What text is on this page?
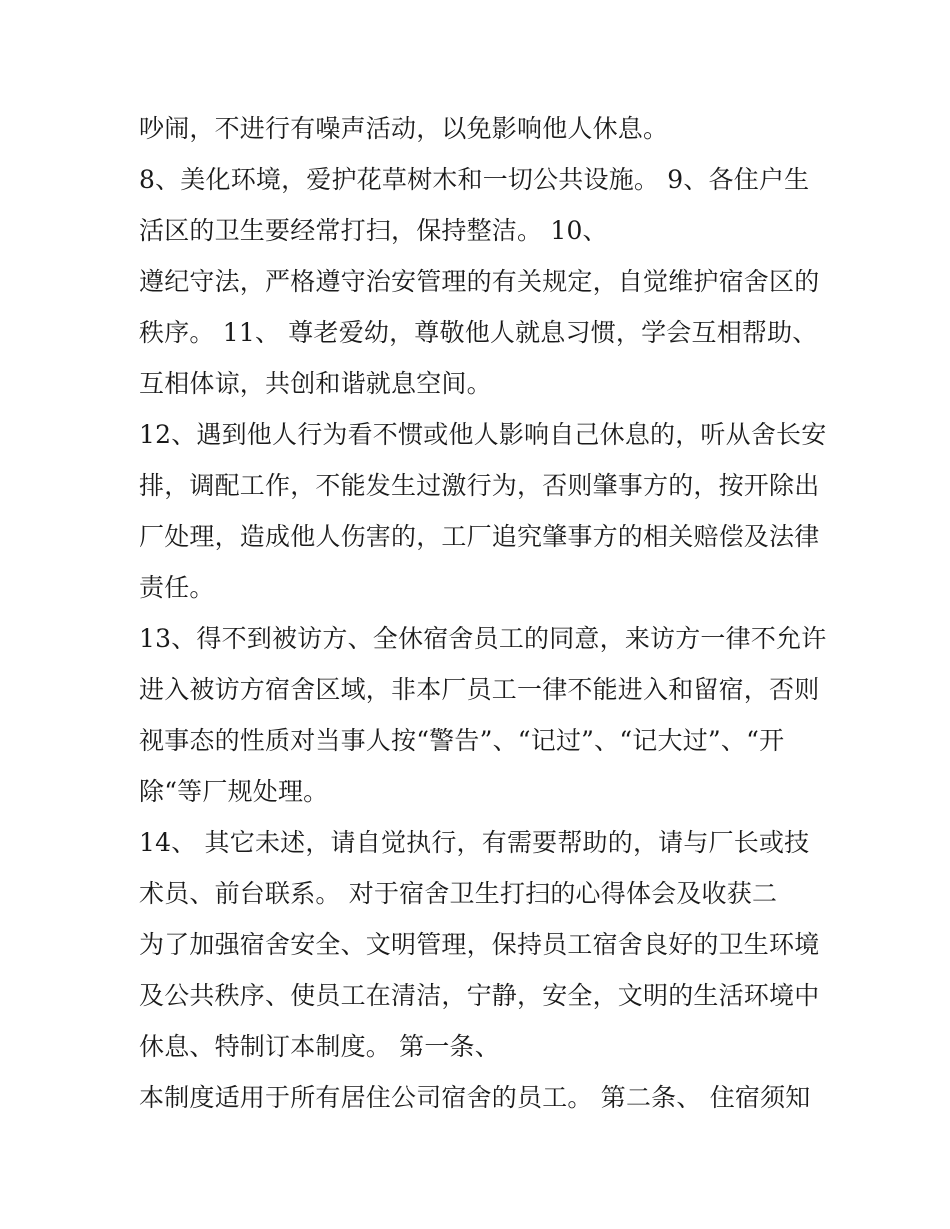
吵闹，不进行有噪声活动，以免影响他人休息。
8、美化环境，爱护花草树木和一切公共设施。 9、各住户生
活区的卫生要经常打扫，保持整洁。 10、
遵纪守法，严格遵守治安管理的有关规定，自觉维护宿舍区的
秩序。 11、 尊老爱幼，尊敬他人就息习惯，学会互相帮助、
互相体谅，共创和谐就息空间。
12、遇到他人行为看不惯或他人影响自己休息的，听从舍长安
排，调配工作，不能发生过激行为，否则肇事方的，按开除出
厂处理，造成他人伤害的，工厂追究肇事方的相关赔偿及法律
责任。
13、得不到被访方、全休宿舍员工的同意，来访方一律不允许
进入被访方宿舍区域，非本厂员工一律不能进入和留宿，否则
视事态的性质对当事人按“警告”、“记过”、“记大过”、“开
除“等厂规处理。
14、 其它未述，请自觉执行，有需要帮助的，请与厂长或技
术员、前台联系。 对于宿舍卫生打扫的心得体会及收获二
为了加强宿舍安全、文明管理，保持员工宿舍良好的卫生环境
及公共秩序、使员工在清洁，宁静，安全，文明的生活环境中
休息、特制订本制度。 第一条、
本制度适用于所有居住公司宿舍的员工。 第二条、 住宿须知
